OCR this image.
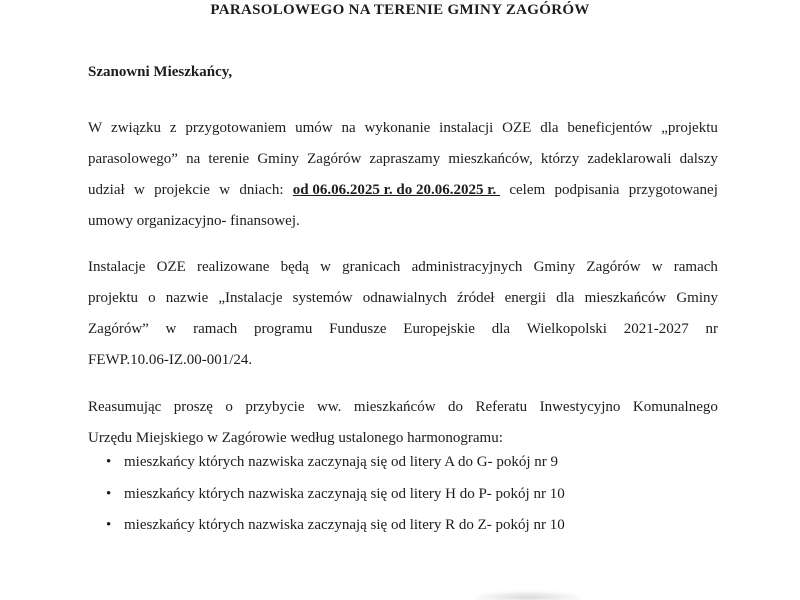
PARASOLOWEGO NA TERENIE GMINY ZAGÓRÓW
Szanowni Mieszkańcy,
W związku z przygotowaniem umów na wykonanie instalacji OZE dla beneficjentów „projektu
parasolowego” na terenie Gminy Zagórów zapraszamy mieszkańców, którzy zadeklarowali dalszy
udział w projekcie w dniach: od 06.06.2025 r. do 20.06.2025 r. celem podpisania przygotowanej
umowy organizacyjno- finansowej.
Instalacje OZE realizowane będą w granicach administracyjnych Gminy Zagórów w ramach
projektu o nazwie „Instalacje systemów odnawialnych źródeł energii dla mieszkańców Gminy
Zagórów” w ramach programu Fundusze Europejskie dla Wielkopolski 2021-2027 nr
FEWP.10.06-IZ.00-001/24.
Reasumując proszę o przybycie ww. mieszkańców do Referatu Inwestycyjno Komunalnego
Urzędu Miejskiego w Zagórowie według ustalonego harmonogramu:
• mieszkańcy których nazwiska zaczynają się od litery A do G- pokój nr 9
• mieszkańcy których nazwiska zaczynają się od litery H do P- pokój nr 10
• mieszkańcy których nazwiska zaczynają się od litery R do Z- pokój nr 10
